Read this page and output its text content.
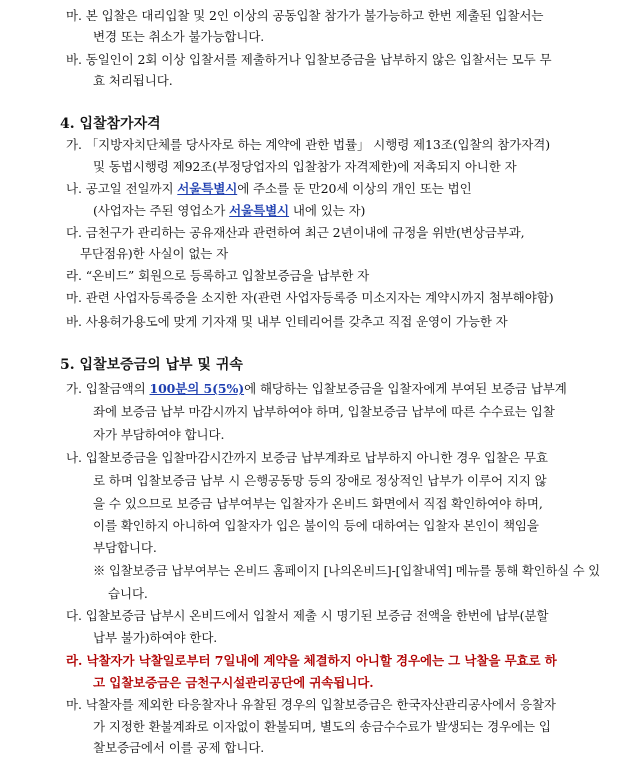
마. 본 입찰은 대리입찰 및 2인 이상의 공동입찰 참가가 불가능하고 한번 제출된 입찰서는
변경 또는 취소가 불가능합니다.
바. 동일인이 2회 이상 입찰서를 제출하거나 입찰보증금을 납부하지 않은 입찰서는 모두 무
효 처리됩니다.
4. 입찰참가자격
가. 「지방자치단체를 당사자로 하는 계약에 관한 법률」 시행령 제13조(입찰의 참가자격)
및 동법시행령 제92조(부정당업자의 입찰참가 자격제한)에 저촉되지 아니한 자
나. 공고일 전일까지 서울특별시에 주소를 둔 만20세 이상의 개인 또는 법인
(사업자는 주된 영업소가 서울특별시 내에 있는 자)
다. 금천구가 관리하는 공유재산과 관련하여 최근 2년이내에 규정을 위반(변상금부과,
무단점유)한 사실이 없는 자
라. “온비드” 회원으로 등록하고 입찰보증금을 납부한 자
마. 관련 사업자등록증을 소지한 자(관련 사업자등록증 미소지자는 계약시까지 첨부해야함)
바. 사용허가용도에 맞게 기자재 및 내부 인테리어를 갖추고 직접 운영이 가능한 자
5. 입찰보증금의 납부 및 귀속
가. 입찰금액의 100분의 5(5%)에 해당하는 입찰보증금을 입찰자에게 부여된 보증금 납부계
좌에 보증금 납부 마감시까지 납부하여야 하며, 입찰보증금 납부에 따른 수수료는 입찰
자가 부담하여야 합니다.
나. 입찰보증금을 입찰마감시간까지 보증금 납부계좌로 납부하지 아니한 경우 입찰은 무효
로 하며 입찰보증금 납부 시 은행공동망 등의 장애로 정상적인 납부가 이루어 지지 않
을 수 있으므로 보증금 납부여부는 입찰자가 온비드 화면에서 직접 확인하여야 하며,
이를 확인하지 아니하여 입찰자가 입은 불이익 등에 대하여는 입찰자 본인이 책임을
부담합니다.
※ 입찰보증금 납부여부는 온비드 홈페이지 [나의온비드]-[입찰내역] 메뉴를 통해 확인하실 수 있
습니다.
다. 입찰보증금 납부시 온비드에서 입찰서 제출 시 명기된 보증금 전액을 한번에 납부(분할
납부 불가)하여야 한다.
라. 낙찰자가 낙찰일로부터 7일내에 계약을 체결하지 아니할 경우에는 그 낙찰을 무효로 하
고 입찰보증금은 금천구시설관리공단에 귀속됩니다.
마. 낙찰자를 제외한 타응찰자나 유찰된 경우의 입찰보증금은 한국자산관리공사에서 응찰자
가 지정한 환불계좌로 이자없이 환불되며, 별도의 송금수수료가 발생되는 경우에는 입
찰보증금에서 이를 공제 합니다.
